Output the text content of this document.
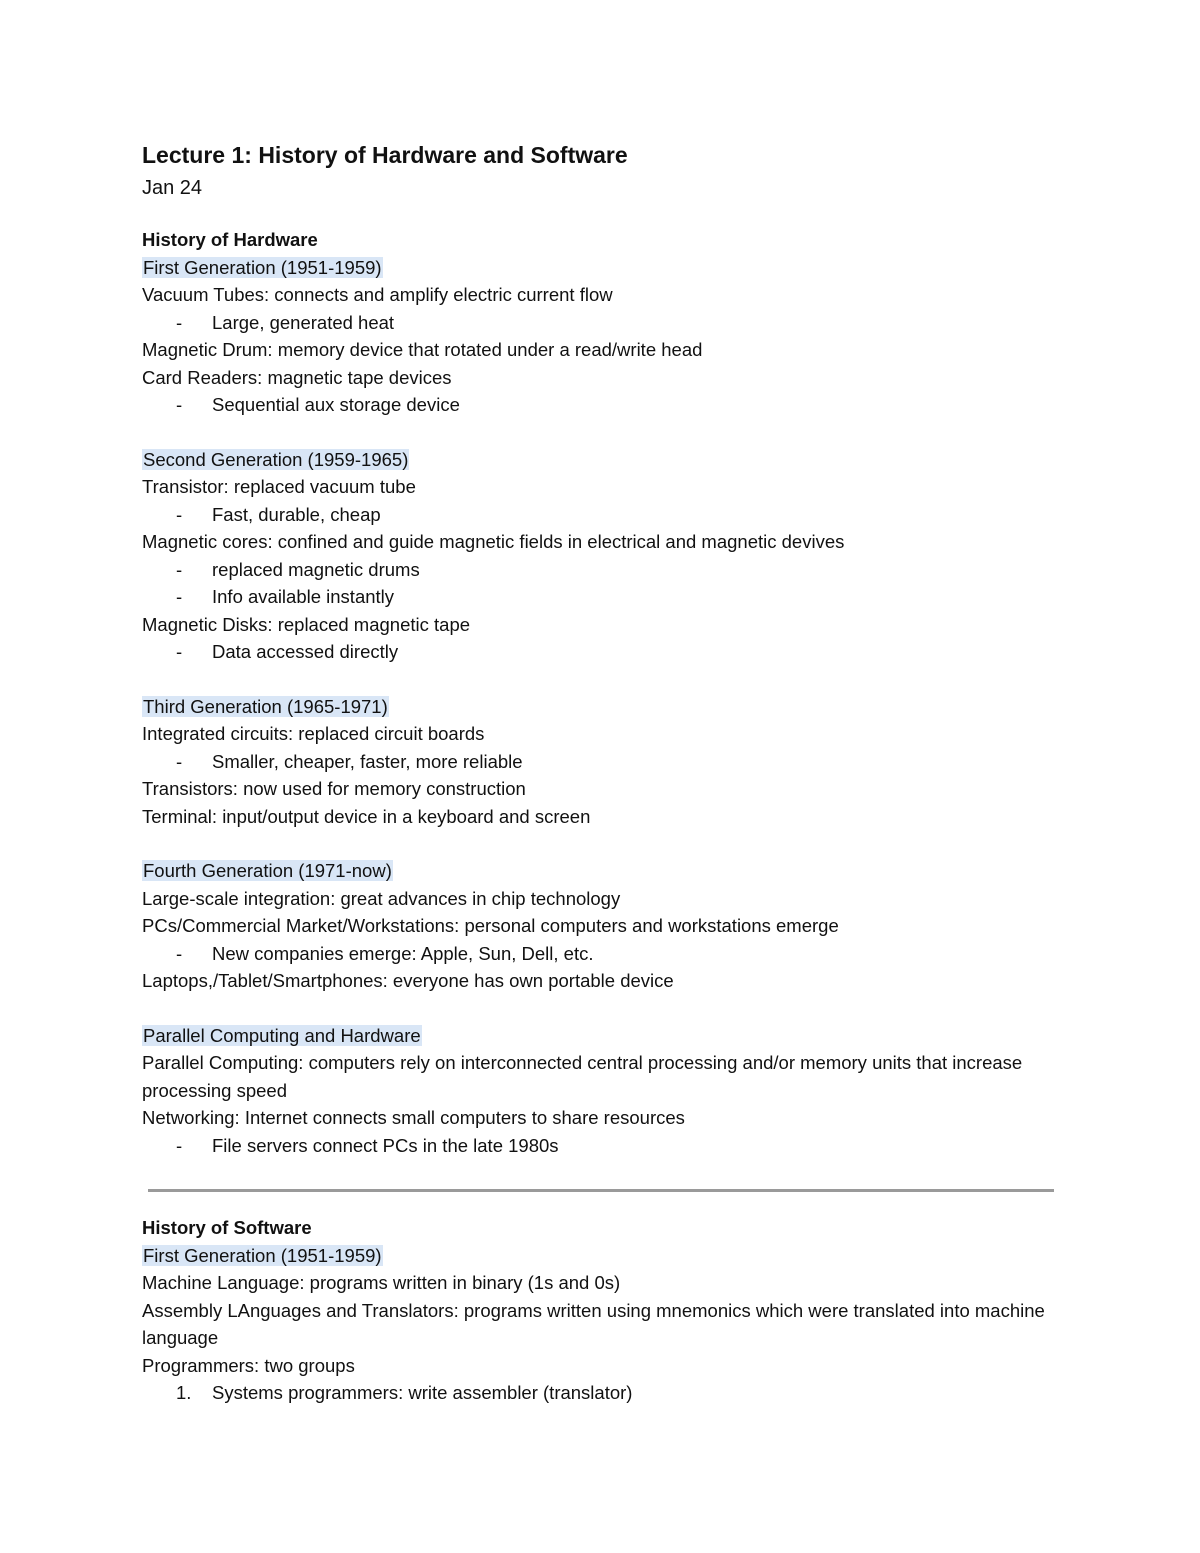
Lecture 1: History of Hardware and Software
Jan 24
History of Hardware
First Generation (1951-1959)
Vacuum Tubes: connects and amplify electric current flow
- Large, generated heat
Magnetic Drum: memory device that rotated under a read/write head
Card Readers: magnetic tape devices
- Sequential aux storage device
Second Generation (1959-1965)
Transistor: replaced vacuum tube
- Fast, durable, cheap
Magnetic cores: confined and guide magnetic fields in electrical and magnetic devives
- replaced magnetic drums
- Info available instantly
Magnetic Disks: replaced magnetic tape
- Data accessed directly
Third Generation (1965-1971)
Integrated circuits: replaced circuit boards
- Smaller, cheaper, faster, more reliable
Transistors: now used for memory construction
Terminal: input/output device in a keyboard and screen
Fourth Generation (1971-now)
Large-scale integration: great advances in chip technology
PCs/Commercial Market/Workstations: personal computers and workstations emerge
- New companies emerge: Apple, Sun, Dell, etc.
Laptops,/Tablet/Smartphones: everyone has own portable device
Parallel Computing and Hardware
Parallel Computing: computers rely on interconnected central processing and/or memory units that increase processing speed
Networking: Internet connects small computers to share resources
- File servers connect PCs in the late 1980s
History of Software
First Generation (1951-1959)
Machine Language: programs written in binary (1s and 0s)
Assembly LAnguages and Translators: programs written using mnemonics which were translated into machine language
Programmers: two groups
1. Systems programmers: write assembler (translator)
